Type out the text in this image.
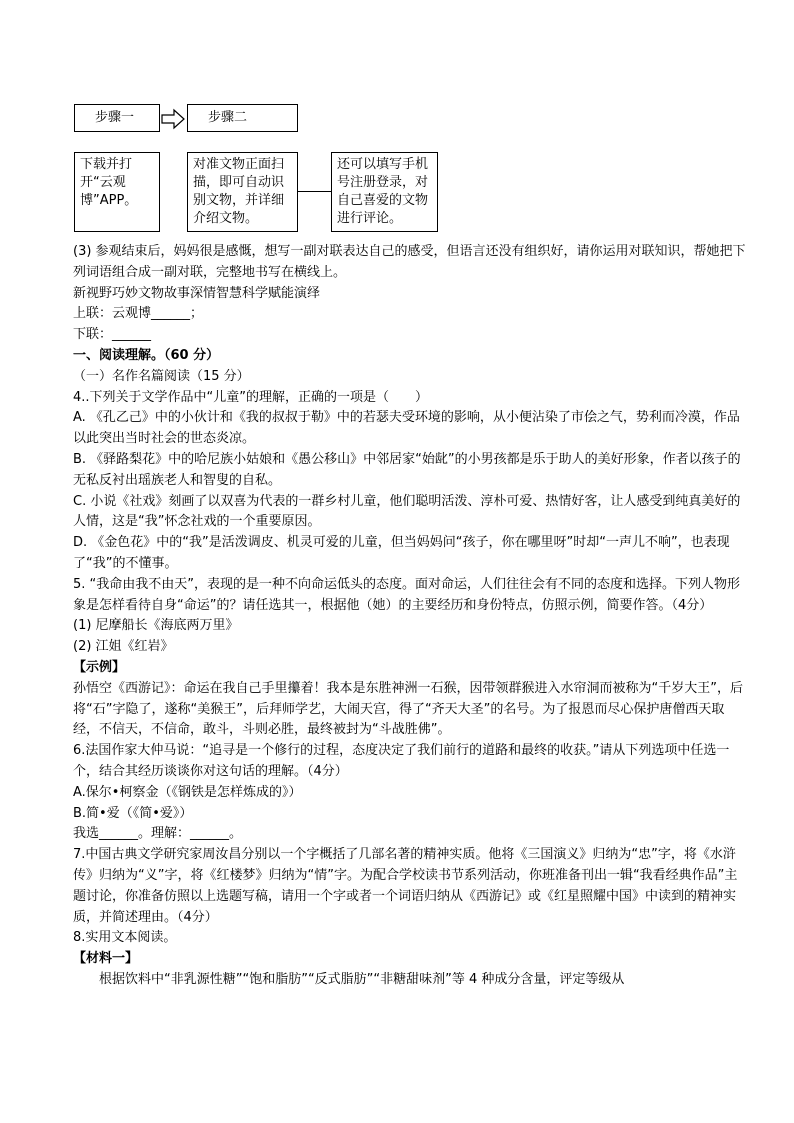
步骤一	步骤二
下载并打开“云观博”APP。
对准文物正面扫描，即可自动识别文物，并详细介绍文物。
还可以填写手机号注册登录，对自己喜爱的文物进行评论。

(3) 参观结束后，妈妈很是感慨，想写一副对联表达自己的感受，但语言还没有组织好，请你运用对联知识，帮她把下列词语组合成一副对联，完整地书写在横线上。

新视野巧妙文物故事深情智慧科学赋能演绎

上联：云观博______；

下联：______

一、阅读理解。（60 分）

（一）名作名篇阅读（15 分）

4..下列关于文学作品中“儿童”的理解，正确的一项是（　　）

A. 《孔乙己》中的小伙计和《我的叔叔于勒》中的若瑟夫受环境的影响，从小便沾染了市侩之气，势利而冷漠，作品以此突出当时社会的世态炎凉。

B. 《驿路梨花》中的哈尼族小姑娘和《愚公移山》中邻居家“始龀”的小男孩都是乐于助人的美好形象，作者以孩子的无私反衬出瑶族老人和智叟的自私。

C. 小说《社戏》刻画了以双喜为代表的一群乡村儿童，他们聪明活泼、淳朴可爱、热情好客，让人感受到纯真美好的人情，这是“我”怀念社戏的一个重要原因。

D. 《金色花》中的“我”是活泼调皮、机灵可爱的儿童，但当妈妈问“孩子，你在哪里呀”时却“一声儿不响”，也表现了“我”的不懂事。

5. “我命由我不由天”，表现的是一种不向命运低头的态度。面对命运，人们往往会有不同的态度和选择。下列人物形象是怎样看待自身“命运”的？请任选其一，根据他（她）的主要经历和身份特点，仿照示例，简要作答。（4分）

(1) 尼摩船长《海底两万里》

(2) 江姐《红岩》

【示例】

孙悟空《西游记》：命运在我自己手里攥着！我本是东胜神洲一石猴，因带领群猴进入水帘洞而被称为“千岁大王”，后将“石”字隐了，遂称“美猴王”，后拜师学艺，大闹天宫，得了“齐天大圣”的名号。为了报恩而尽心保护唐僧西天取经，不信天，不信命，敢斗，斗则必胜，最终被封为“斗战胜佛”。

6.法国作家大仲马说：“追寻是一个修行的过程，态度决定了我们前行的道路和最终的收获。”请从下列选项中任选一个，结合其经历谈谈你对这句话的理解。（4分）

A.保尔•柯察金（《钢铁是怎样炼成的》）

B.简•爱（《简•爱》）

我选______。理解：______。

7.中国古典文学研究家周汝昌分别以一个字概括了几部名著的精神实质。他将《三国演义》归纳为“忠”字，将《水浒传》归纳为“义”字，将《红楼梦》归纳为“情”字。为配合学校读书节系列活动，你班准备刊出一辑“我看经典作品”主题讨论，你准备仿照以上选题写稿，请用一个字或者一个词语归纳从《西游记》或《红星照耀中国》中读到的精神实质，并简述理由。（4分）

8.实用文本阅读。

【材料一】

根据饮料中“非乳源性糖”“饱和脂肪”“反式脂肪”“非糖甜味剂”等 4 种成分含量，评定等级从
